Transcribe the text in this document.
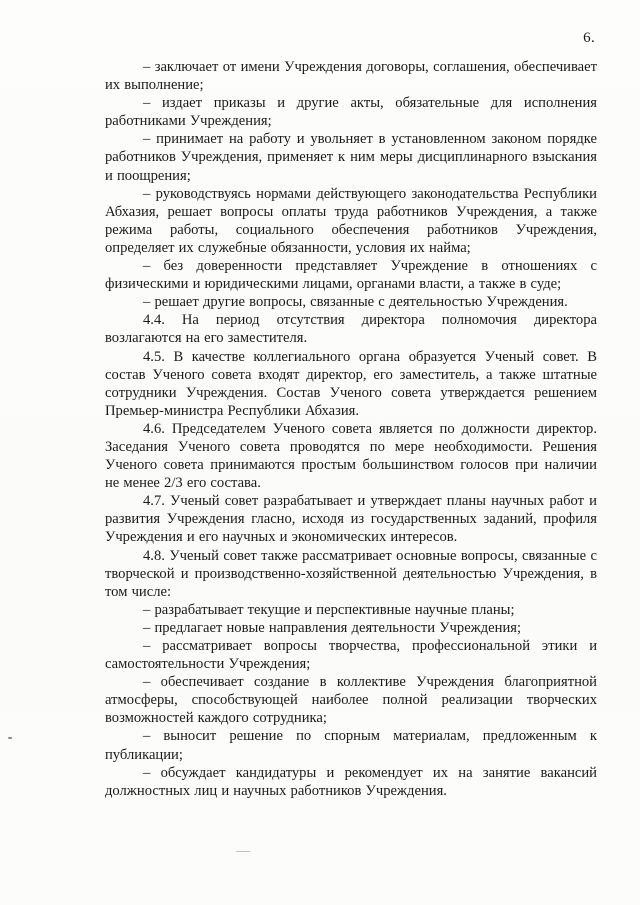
6.

– заключает от имени Учреждения договоры, соглашения, обеспечивает их выполнение;

– издает приказы и другие акты, обязательные для исполнения работниками Учреждения;

– принимает на работу и увольняет в установленном законом порядке работников Учреждения, применяет к ним меры дисциплинарного взыскания и поощрения;

– руководствуясь нормами действующего законодательства Республики Абхазия, решает вопросы оплаты труда работников Учреждения, а также режима работы, социального обеспечения работников Учреждения, определяет их служебные обязанности, условия их найма;

– без доверенности представляет Учреждение в отношениях с физическими и юридическими лицами, органами власти, а также в суде;

– решает другие вопросы, связанные с деятельностью Учреждения.

4.4. На период отсутствия директора полномочия директора возлагаются на его заместителя.

4.5. В качестве коллегиального органа образуется Ученый совет. В состав Ученого совета входят директор, его заместитель, а также штатные сотрудники Учреждения. Состав Ученого совета утверждается решением Премьер-министра Республики Абхазия.

4.6. Председателем Ученого совета является по должности директор. Заседания Ученого совета проводятся по мере необходимости. Решения Ученого совета принимаются простым большинством голосов при наличии не менее 2/3 его состава.

4.7. Ученый совет разрабатывает и утверждает планы научных работ и развития Учреждения гласно, исходя из государственных заданий, профиля Учреждения и его научных и экономических интересов.

4.8. Ученый совет также рассматривает основные вопросы, связанные с творческой и производственно-хозяйственной деятельностью Учреждения, в том числе:

– разрабатывает текущие и перспективные научные планы;

– предлагает новые направления деятельности Учреждения;

– рассматривает вопросы творчества, профессиональной этики и самостоятельности Учреждения;

– обеспечивает создание в коллективе Учреждения благоприятной атмосферы, способствующей наиболее полной реализации творческих возможностей каждого сотрудника;

– выносит решение по спорным материалам, предложенным к публикации;

– обсуждает кандидатуры и рекомендует их на занятие вакансий должностных лиц и научных работников Учреждения.
